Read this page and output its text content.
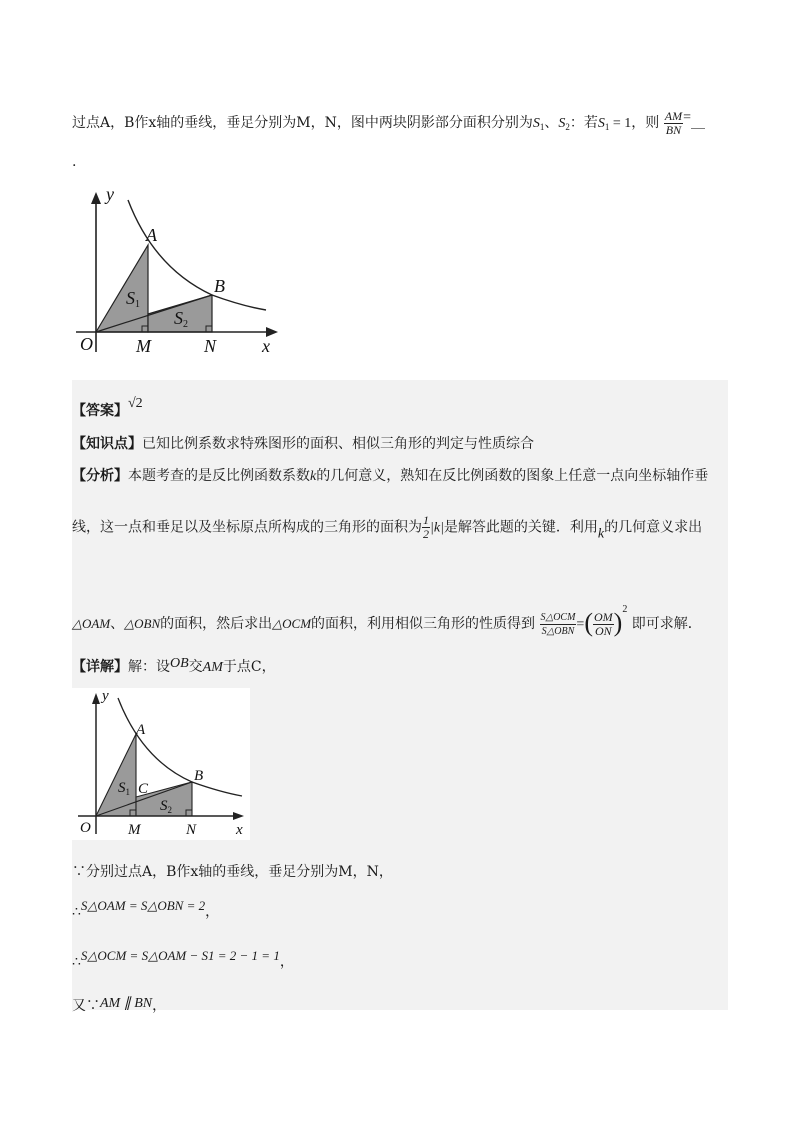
过点A，B作x轴的垂线，垂足分别为M，N，图中两块阴影部分面积分别为$S_1$、$S_2$：若$S_1 = 1$，则 $\frac{AM}{BN}$ =＿
.
y
x
O
A
B
M	N
S1
S2
【答案】√2
【知识点】已知比例系数求特殊图形的面积、相似三角形的判定与性质综合
【分析】本题考查的是反比例函数系数k的几何意义，熟知在反比例函数的图象上任意一点向坐标轴作垂
线，这一点和垂足以及坐标原点所构成的三角形的面积为 $\frac{1}{2} |k|$是解答此题的关键．利用k的几何意义求出
△OAM、△OBN的面积，然后求出△OCM的面积，利用相似三角形的性质得到 $\frac{\text{S△OCM}}{\text{S△OBN}}$ =( $\frac{OM}{ON} )^2$ 即可求解．
【详解】解：设OB交AM于点C，
y
x
O
A
B
C
M	N
$S_1$
$S_2$
∵分别过点A，B作x轴的垂线，垂足分别为M，N，
∴S△OAM = S△OBN = 2，
∴S△OCM = S△OAM − S1 = 2 − 1 = 1，
又∵AM ∥ BN，
